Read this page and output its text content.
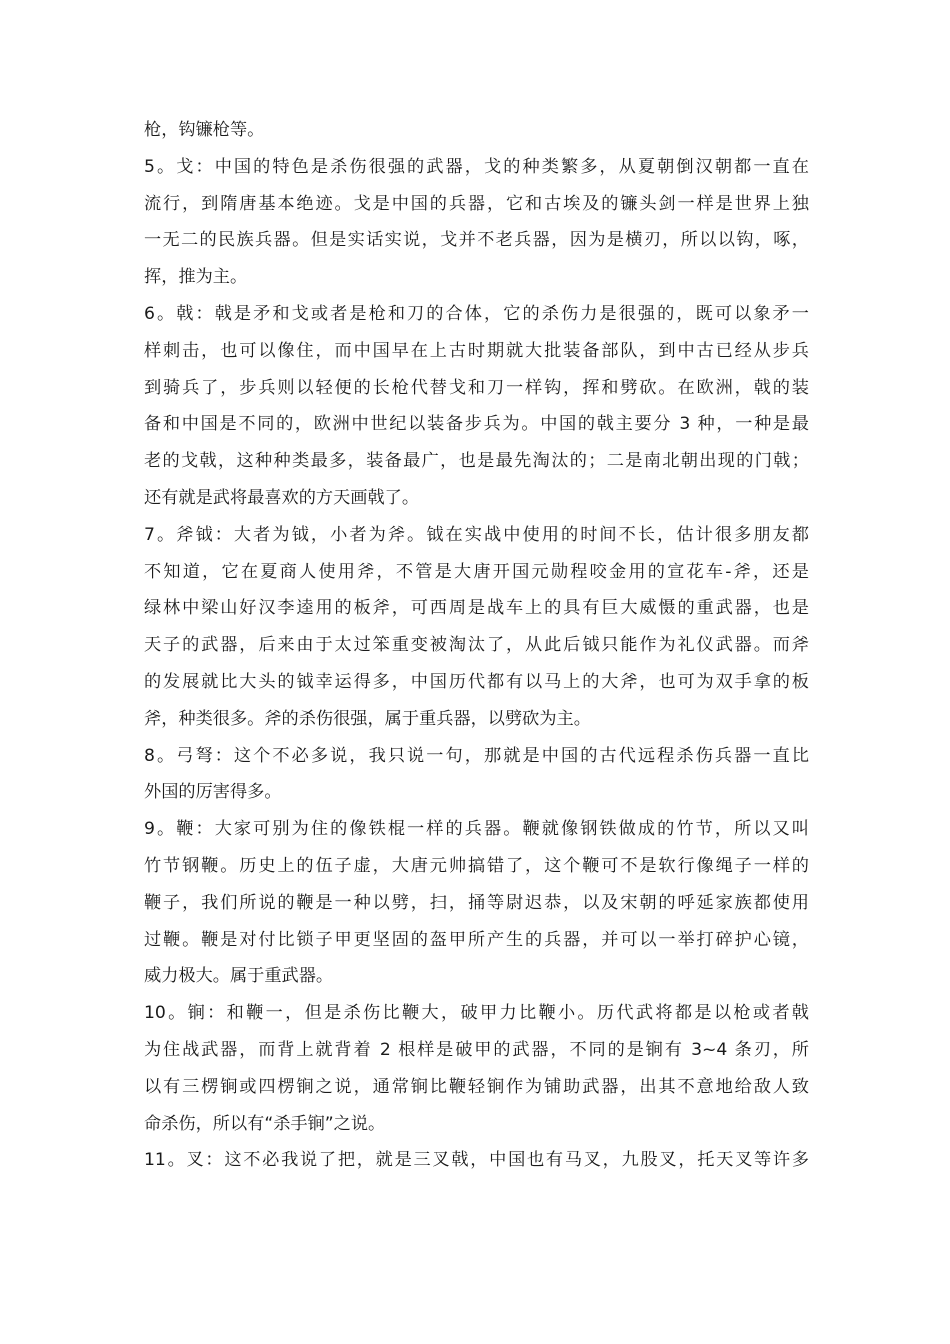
枪，钩镰枪等。
5。戈：中国的特色是杀伤很强的武器，戈的种类繁多，从夏朝倒汉朝都一直在
流行，到隋唐基本绝迹。戈是中国的兵器，它和古埃及的镰头剑一样是世界上独
一无二的民族兵器。但是实话实说，戈并不老兵器，因为是横刃，所以以钩，啄，
挥，推为主。
6。戟：戟是矛和戈或者是枪和刀的合体，它的杀伤力是很强的，既可以象矛一
样刺击，也可以像住，而中国早在上古时期就大批装备部队，到中古已经从步兵
到骑兵了，步兵则以轻便的长枪代替戈和刀一样钩，挥和劈砍。在欧洲，戟的装
备和中国是不同的，欧洲中世纪以装备步兵为。中国的戟主要分 3 种，一种是最
老的戈戟，这种种类最多，装备最广，也是最先淘汰的；二是南北朝出现的门戟；
还有就是武将最喜欢的方天画戟了。
7。斧钺：大者为钺，小者为斧。钺在实战中使用的时间不长，估计很多朋友都
不知道，它在夏商人使用斧，不管是大唐开国元勋程咬金用的宣花车-斧，还是
绿林中梁山好汉李逵用的板斧，可西周是战车上的具有巨大威慑的重武器，也是
天子的武器，后来由于太过笨重变被淘汰了，从此后钺只能作为礼仪武器。而斧
的发展就比大头的钺幸运得多，中国历代都有以马上的大斧，也可为双手拿的板
斧，种类很多。斧的杀伤很强，属于重兵器，以劈砍为主。
8。弓弩：这个不必多说，我只说一句，那就是中国的古代远程杀伤兵器一直比
外国的厉害得多。
9。鞭：大家可别为住的像铁棍一样的兵器。鞭就像钢铁做成的竹节，所以又叫
竹节钢鞭。历史上的伍子虚，大唐元帅搞错了，这个鞭可不是软行像绳子一样的
鞭子，我们所说的鞭是一种以劈，扫，捅等尉迟恭，以及宋朝的呼延家族都使用
过鞭。鞭是对付比锁子甲更坚固的盔甲所产生的兵器，并可以一举打碎护心镜，
威力极大。属于重武器。
10。锏：和鞭一，但是杀伤比鞭大，破甲力比鞭小。历代武将都是以枪或者戟
为住战武器，而背上就背着 2 根样是破甲的武器，不同的是锏有 3~4 条刃，所
以有三楞锏或四楞锏之说，通常锏比鞭轻锏作为铺助武器，出其不意地给敌人致
命杀伤，所以有“杀手锏”之说。
11。叉：这不必我说了把，就是三叉戟，中国也有马叉，九股叉，托天叉等许多
